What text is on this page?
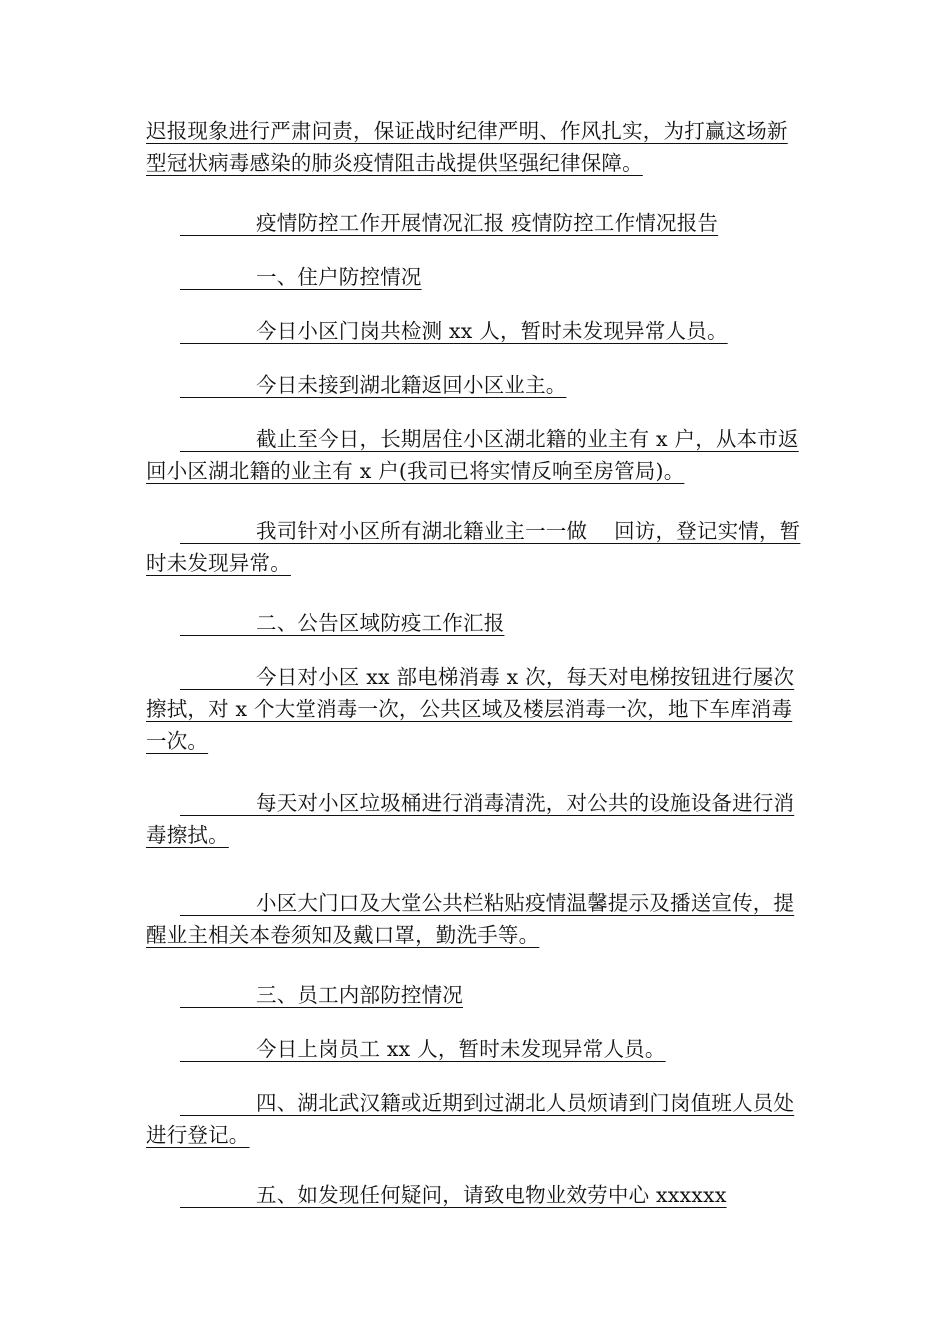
迟报现象进行严肃问责，保证战时纪律严明、作风扎实，为打赢这场新型冠状病毒感染的肺炎疫情阻击战提供坚强纪律保障。

疫情防控工作开展情况汇报 疫情防控工作情况报告

一、住户防控情况

今日小区门岗共检测 xx 人，暂时未发现异常人员。

今日未接到湖北籍返回小区业主。

截止至今日，长期居住小区湖北籍的业主有 x 户，从本市返回小区湖北籍的业主有 x 户(我司已将实情反响至房管局)。

我司针对小区所有湖北籍业主一一做    回访，登记实情，暂时未发现异常。

二、公告区域防疫工作汇报

今日对小区 xx 部电梯消毒 x 次，每天对电梯按钮进行屡次擦拭，对 x 个大堂消毒一次，公共区域及楼层消毒一次，地下车库消毒一次。

每天对小区垃圾桶进行消毒清洗，对公共的设施设备进行消毒擦拭。

小区大门口及大堂公共栏粘贴疫情温馨提示及播送宣传，提醒业主相关本卷须知及戴口罩，勤洗手等。

三、员工内部防控情况

今日上岗员工 xx 人，暂时未发现异常人员。

四、湖北武汉籍或近期到过湖北人员烦请到门岗值班人员处进行登记。

五、如发现任何疑问，请致电物业效劳中心 xxxxxx
